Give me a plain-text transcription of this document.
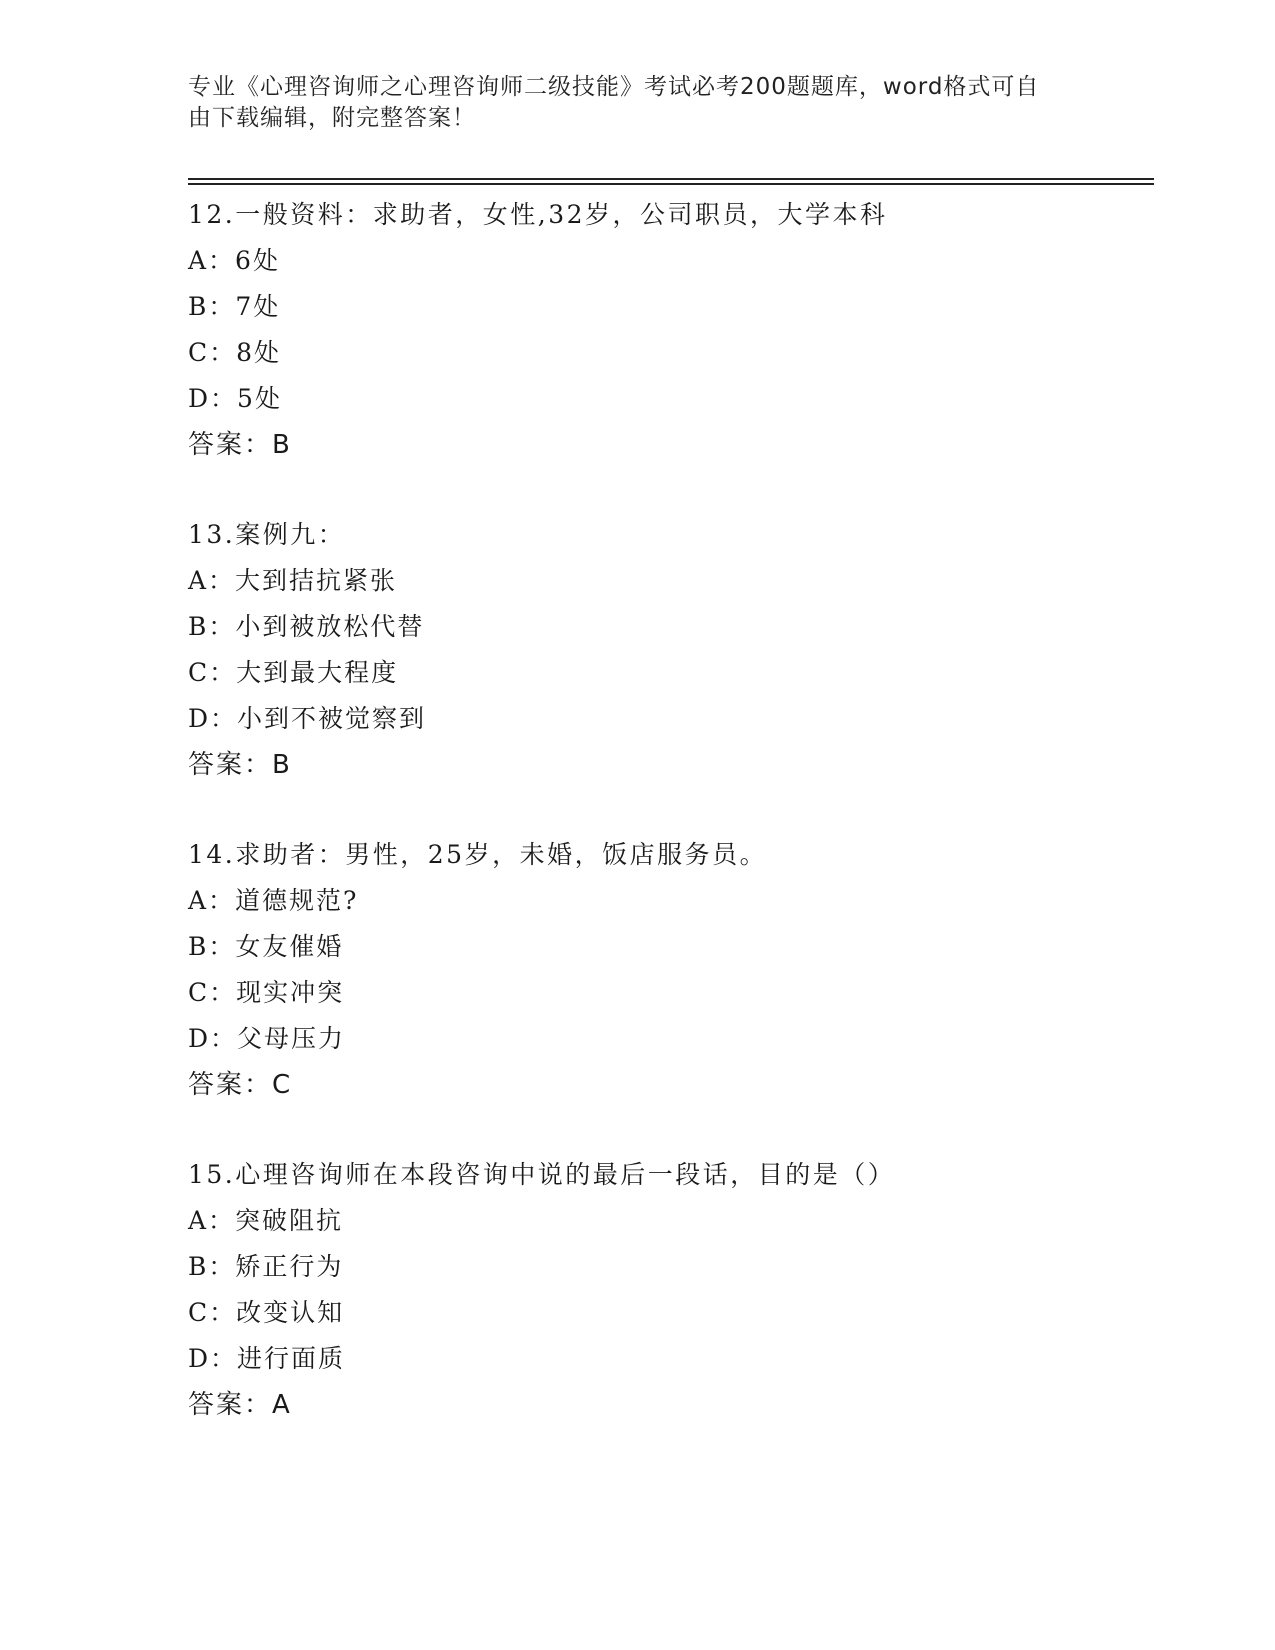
专业《心理咨询师之心理咨询师二级技能》考试必考200题题库，word格式可自
由下载编辑，附完整答案！
12.一般资料：求助者，女性,32岁，公司职员，大学本科
A：6处
B：7处
C：8处
D：5处
答案：B
13.案例九：
A：大到拮抗紧张
B：小到被放松代替
C：大到最大程度
D：小到不被觉察到
答案：B
14.求助者：男性，25岁，未婚，饭店服务员。
A：道德规范?
B：女友催婚
C：现实冲突
D：父母压力
答案：C
15.心理咨询师在本段咨询中说的最后一段话，目的是（）
A：突破阻抗
B：矫正行为
C：改变认知
D：进行面质
答案：A
